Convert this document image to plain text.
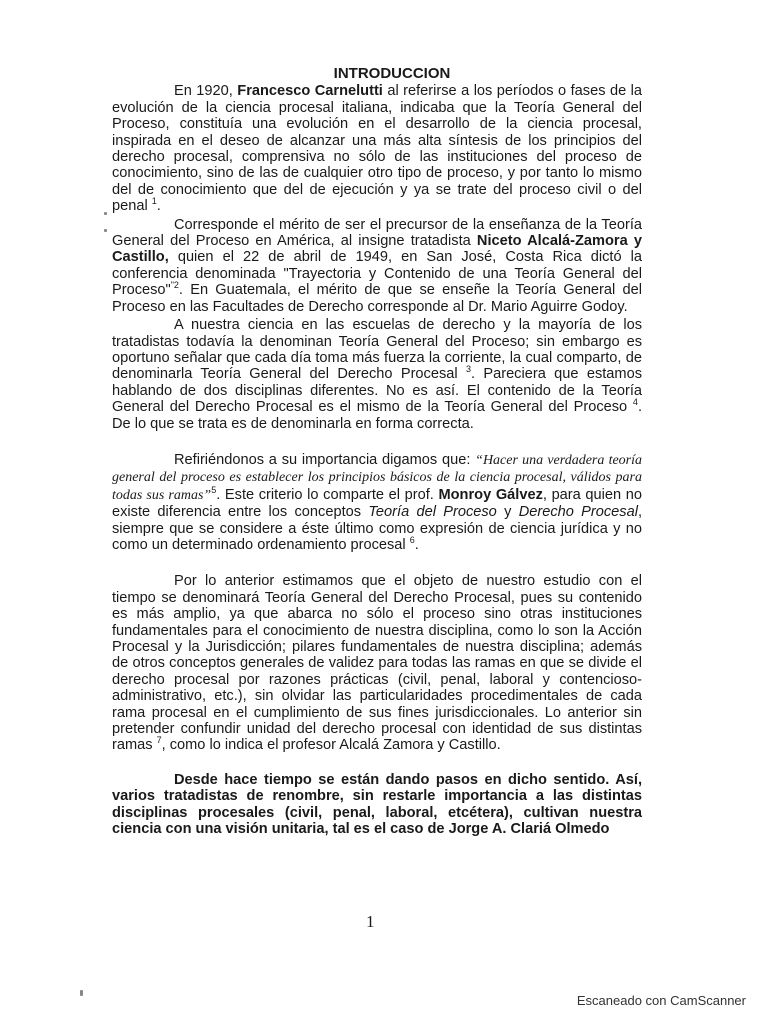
INTRODUCCION

En 1920, Francesco Carnelutti al referirse a los períodos o fases de la evolución de la ciencia procesal italiana, indicaba que la Teoría General del Proceso, constituía una evolución en el desarrollo de la ciencia procesal, inspirada en el deseo de alcanzar una más alta síntesis de los principios del derecho procesal, comprensiva no sólo de las instituciones del proceso de conocimiento, sino de las de cualquier otro tipo de proceso, y por tanto lo mismo del de conocimiento que del de ejecución y ya se trate del proceso civil o del penal $^1$.

Corresponde el mérito de ser el precursor de la enseñanza de la Teoría General del Proceso en América, al insigne tratadista Niceto Alcalá-Zamora y Castillo, quien el 22 de abril de 1949, en San José, Costa Rica dictó la conferencia denominada "Trayectoria y Contenido de una Teoría General del Proceso"$^{"2}$. En Guatemala, el mérito de que se enseñe la Teoría General del Proceso en las Facultades de Derecho corresponde al Dr. Mario Aguirre Godoy.

A nuestra ciencia en las escuelas de derecho y la mayoría de los tratadistas todavía la denominan Teoría General del Proceso; sin embargo es oportuno señalar que cada día toma más fuerza la corriente, la cual comparto, de denominarla Teoría General del Derecho Procesal $^3$. Pareciera que estamos hablando de dos disciplinas diferentes. No es así. El contenido de la Teoría General del Derecho Procesal es el mismo de la Teoría General del Proceso $^4$. De lo que se trata es de denominarla en forma correcta.

Refiriéndonos a su importancia digamos que: “Hacer una verdadera teoría general del proceso es establecer los principios básicos de la ciencia procesal, válidos para todas sus ramas”$^5$. Este criterio lo comparte el prof. Monroy Gálvez, para quien no existe diferencia entre los conceptos Teoría del Proceso y Derecho Procesal, siempre que se considere a éste último como expresión de ciencia jurídica y no como un determinado ordenamiento procesal $^6$.

Por lo anterior estimamos que el objeto de nuestro estudio con el tiempo se denominará Teoría General del Derecho Procesal, pues su contenido es más amplio, ya que abarca no sólo el proceso sino otras instituciones fundamentales para el conocimiento de nuestra disciplina, como lo son la Acción Procesal y la Jurisdicción; pilares fundamentales de nuestra disciplina; además de otros conceptos generales de validez para todas las ramas en que se divide el derecho procesal por razones prácticas (civil, penal, laboral y contencioso- administrativo, etc.), sin olvidar las particularidades procedimentales de cada rama procesal en el cumplimiento de sus fines jurisdiccionales. Lo anterior sin pretender confundir unidad del derecho procesal con identidad de sus distintas ramas $^7$, como lo indica el profesor Alcalá Zamora y Castillo.

Desde hace tiempo se están dando pasos en dicho sentido. Así, varios tratadistas de renombre, sin restarle importancia a las distintas disciplinas procesales (civil, penal, laboral, etcétera), cultivan nuestra ciencia con una visión unitaria, tal es el caso de Jorge A. Clariá Olmedo

1
Escaneado con CamScanner
